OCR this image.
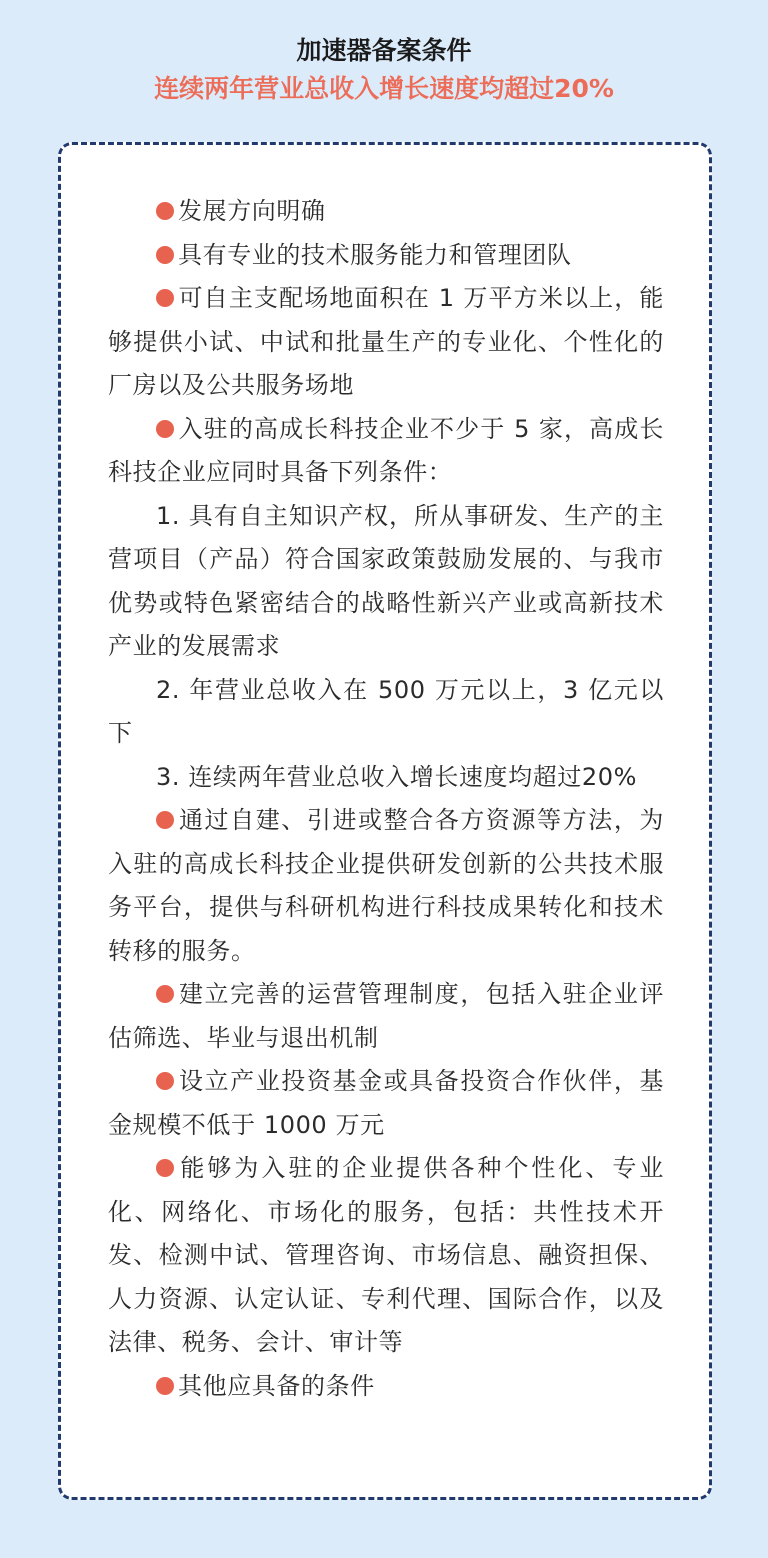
加速器备案条件
连续两年营业总收入增长速度均超过20%

发展方向明确

具有专业的技术服务能力和管理团队

可自主支配场地面积在 1 万平方米以上，能够提供小试、中试和批量生产的专业化、个性化的厂房以及公共服务场地

入驻的高成长科技企业不少于 5 家，高成长科技企业应同时具备下列条件：

1. 具有自主知识产权，所从事研发、生产的主营项目（产品）符合国家政策鼓励发展的、与我市优势或特色紧密结合的战略性新兴产业或高新技术产业的发展需求

2. 年营业总收入在 500 万元以上，3 亿元以下

3. 连续两年营业总收入增长速度均超过20%

通过自建、引进或整合各方资源等方法，为入驻的高成长科技企业提供研发创新的公共技术服务平台，提供与科研机构进行科技成果转化和技术转移的服务。

建立完善的运营管理制度，包括入驻企业评估筛选、毕业与退出机制

设立产业投资基金或具备投资合作伙伴，基金规模不低于 1000 万元

能够为入驻的企业提供各种个性化、专业化、网络化、市场化的服务，包括：共性技术开发、检测中试、管理咨询、市场信息、融资担保、人力资源、认定认证、专利代理、国际合作，以及法律、税务、会计、审计等

其他应具备的条件
